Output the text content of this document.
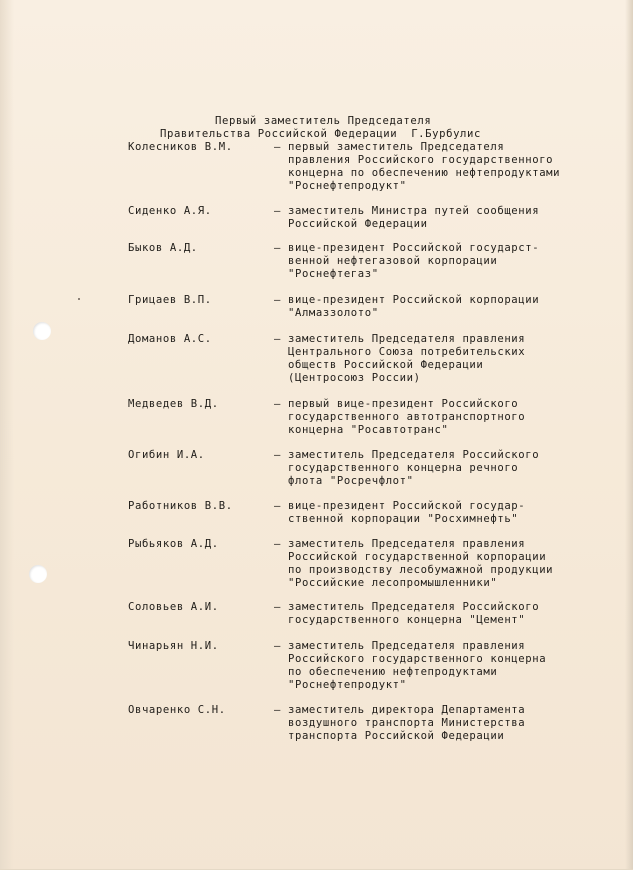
Первый заместитель Председателя
Правительства Российской Федерации  Г.Бурбулис
Колесников В.М.	– первый заместитель Председателя
правления Российского государственного
концерна по обеспечению нефтепродуктами
"Роснефтепродукт"
Сиденко А.Я.	– заместитель Министра путей сообщения
Российской Федерации
Быков А.Д.	– вице-президент Российской государст-
венной нефтегазовой корпорации
"Роснефтегаз"
Грицаев В.П.	– вице-президент Российской корпорации
"Алмаззолото"
Доманов А.С.	– заместитель Председателя правления
Центрального Союза потребительских
обществ Российской Федерации
(Центросоюз России)
Медведев В.Д.	– первый вице-президент Российского
государственного автотранспортного
концерна "Росавтотранс"
Огибин И.А.	– заместитель Председателя Российского
государственного концерна речного
флота "Росречфлот"
Работников В.В.	– вице-президент Российской государ-
ственной корпорации "Росхимнефть"
Рыбьяков А.Д.	– заместитель Председателя правления
Российской государственной корпорации
по производству лесобумажной продукции
"Российские лесопромышленники"
Соловьев А.И.	– заместитель Председателя Российского
государственного концерна "Цемент"
Чинарьян Н.И.	– заместитель Председателя правления
Российского государственного концерна
по обеспечению нефтепродуктами
"Роснефтепродукт"
Овчаренко С.Н.	– заместитель директора Департамента
воздушного транспорта Министерства
транспорта Российской Федерации
